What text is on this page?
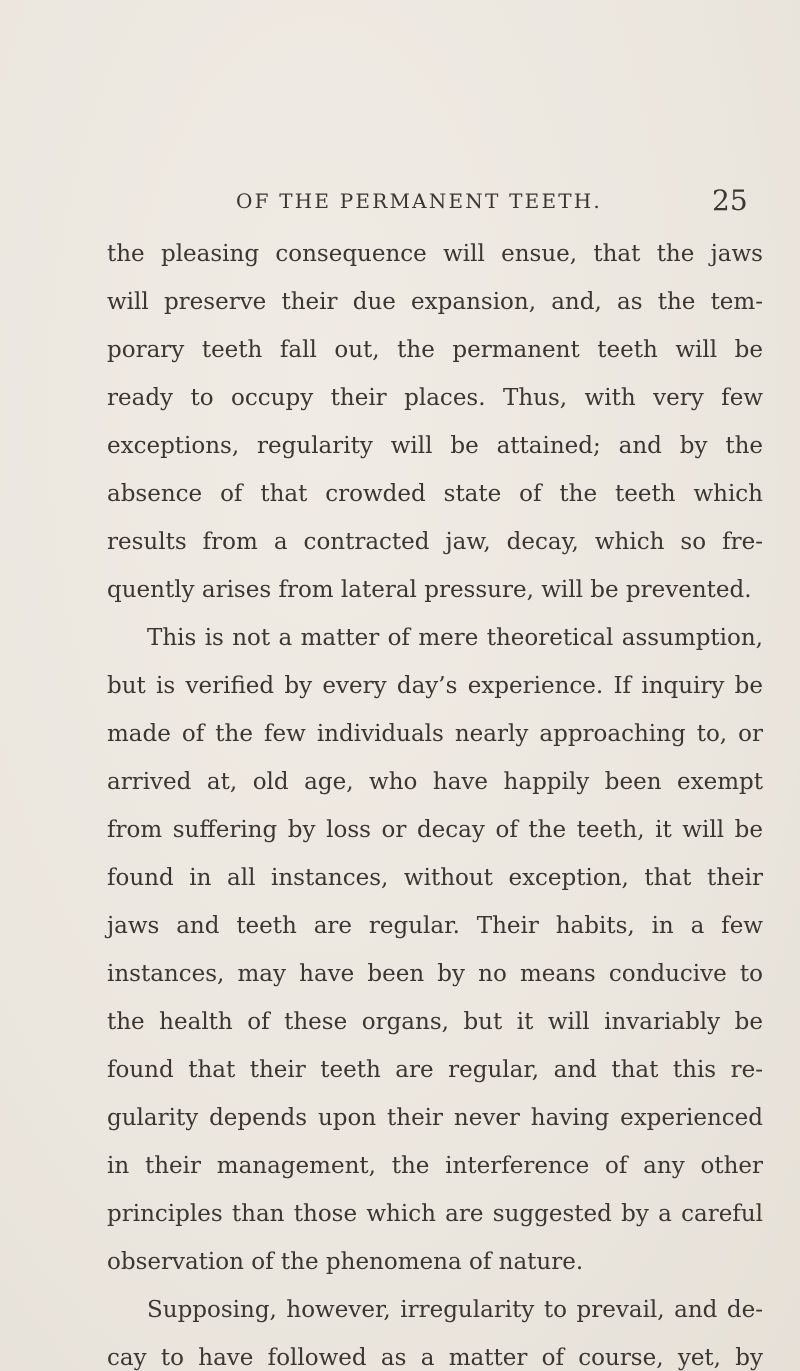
OF THE PERMANENT TEETH.	25
the pleasing consequence will ensue, that the jaws
will preserve their due expansion, and, as the tem-
porary teeth fall out, the permanent teeth will be
ready to occupy their places. Thus, with very few
exceptions, regularity will be attained; and by the
absence of that crowded state of the teeth which
results from a contracted jaw, decay, which so fre-
quently arises from lateral pressure, will be prevented.
This is not a matter of mere theoretical assumption,
but is verified by every day’s experience. If inquiry be
made of the few individuals nearly approaching to, or
arrived at, old age, who have happily been exempt
from suffering by loss or decay of the teeth, it will be
found in all instances, without exception, that their
jaws and teeth are regular. Their habits, in a few
instances, may have been by no means conducive to
the health of these organs, but it will invariably be
found that their teeth are regular, and that this re-
gularity depends upon their never having experienced
in their management, the interference of any other
principles than those which are suggested by a careful
observation of the phenomena of nature.
Supposing, however, irregularity to prevail, and de-
cay to have followed as a matter of course, yet, by
